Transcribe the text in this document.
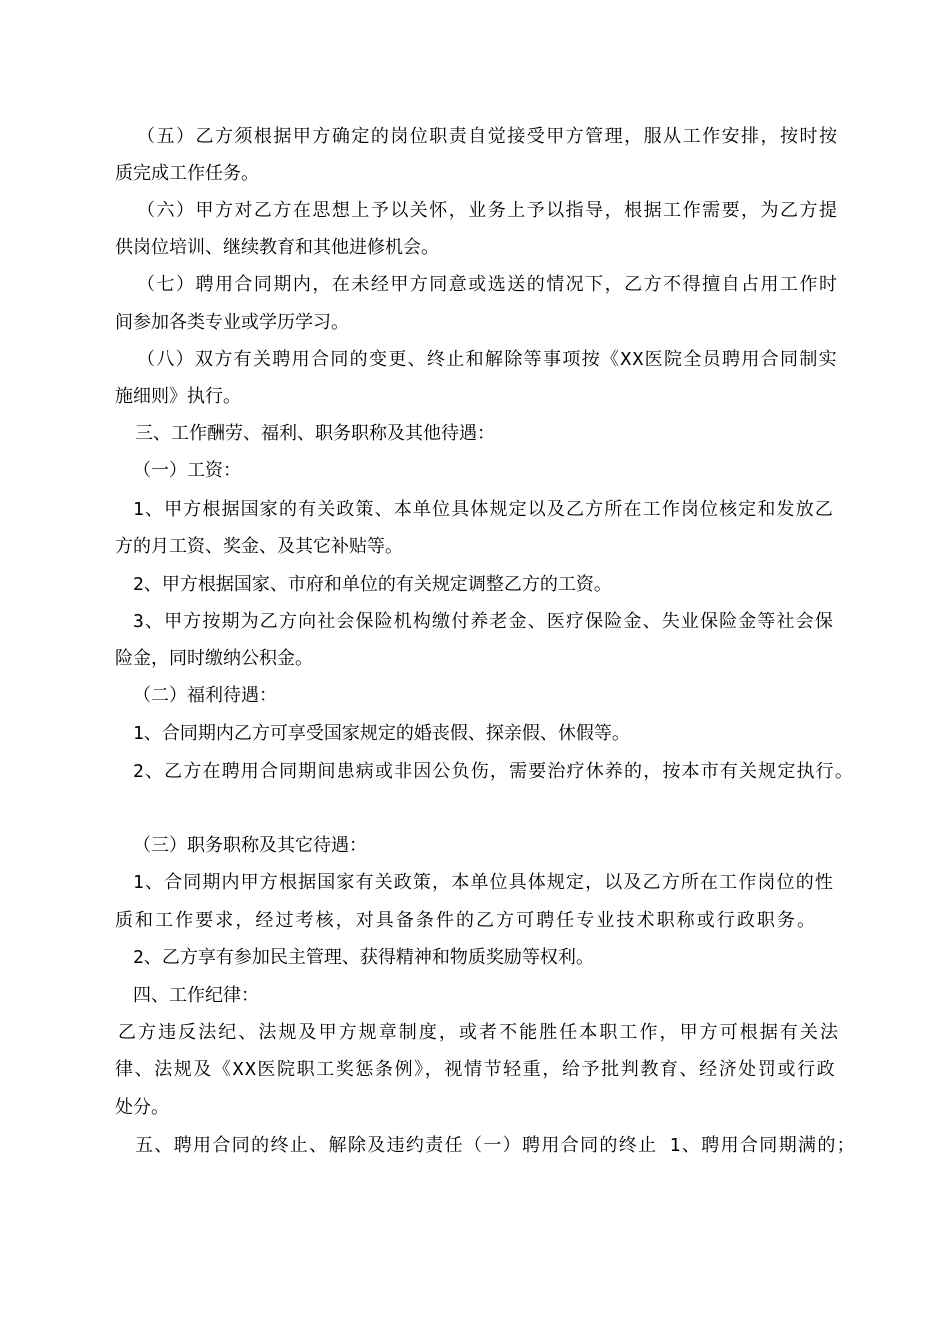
（五）乙方须根据甲方确定的岗位职责自觉接受甲方管理，服从工作安排，按时按
质完成工作任务。
（六）甲方对乙方在思想上予以关怀，业务上予以指导，根据工作需要，为乙方提
供岗位培训、继续教育和其他进修机会。
（七）聘用合同期内，在未经甲方同意或选送的情况下，乙方不得擅自占用工作时
间参加各类专业或学历学习。
（八）双方有关聘用合同的变更、终止和解除等事项按《XX医院全员聘用合同制实
施细则》执行。
三、工作酬劳、福利、职务职称及其他待遇：
（一）工资：
1、甲方根据国家的有关政策、本单位具体规定以及乙方所在工作岗位核定和发放乙
方的月工资、奖金、及其它补贴等。
2、甲方根据国家、市府和单位的有关规定调整乙方的工资。
3、甲方按期为乙方向社会保险机构缴付养老金、医疗保险金、失业保险金等社会保
险金，同时缴纳公积金。
（二）福利待遇：
1、合同期内乙方可享受国家规定的婚丧假、探亲假、休假等。
2、乙方在聘用合同期间患病或非因公负伤，需要治疗休养的，按本市有关规定执行。
（三）职务职称及其它待遇：
1、合同期内甲方根据国家有关政策，本单位具体规定，以及乙方所在工作岗位的性
质和工作要求，经过考核，对具备条件的乙方可聘任专业技术职称或行政职务。
2、乙方享有参加民主管理、获得精神和物质奖励等权利。
四、工作纪律：
乙方违反法纪、法规及甲方规章制度，或者不能胜任本职工作，甲方可根据有关法
律、法规及《XX医院职工奖惩条例》，视情节轻重，给予批判教育、经济处罚或行政
处分。
五、聘用合同的终止、解除及违约责任（一）聘用合同的终止 1、聘用合同期满的；
